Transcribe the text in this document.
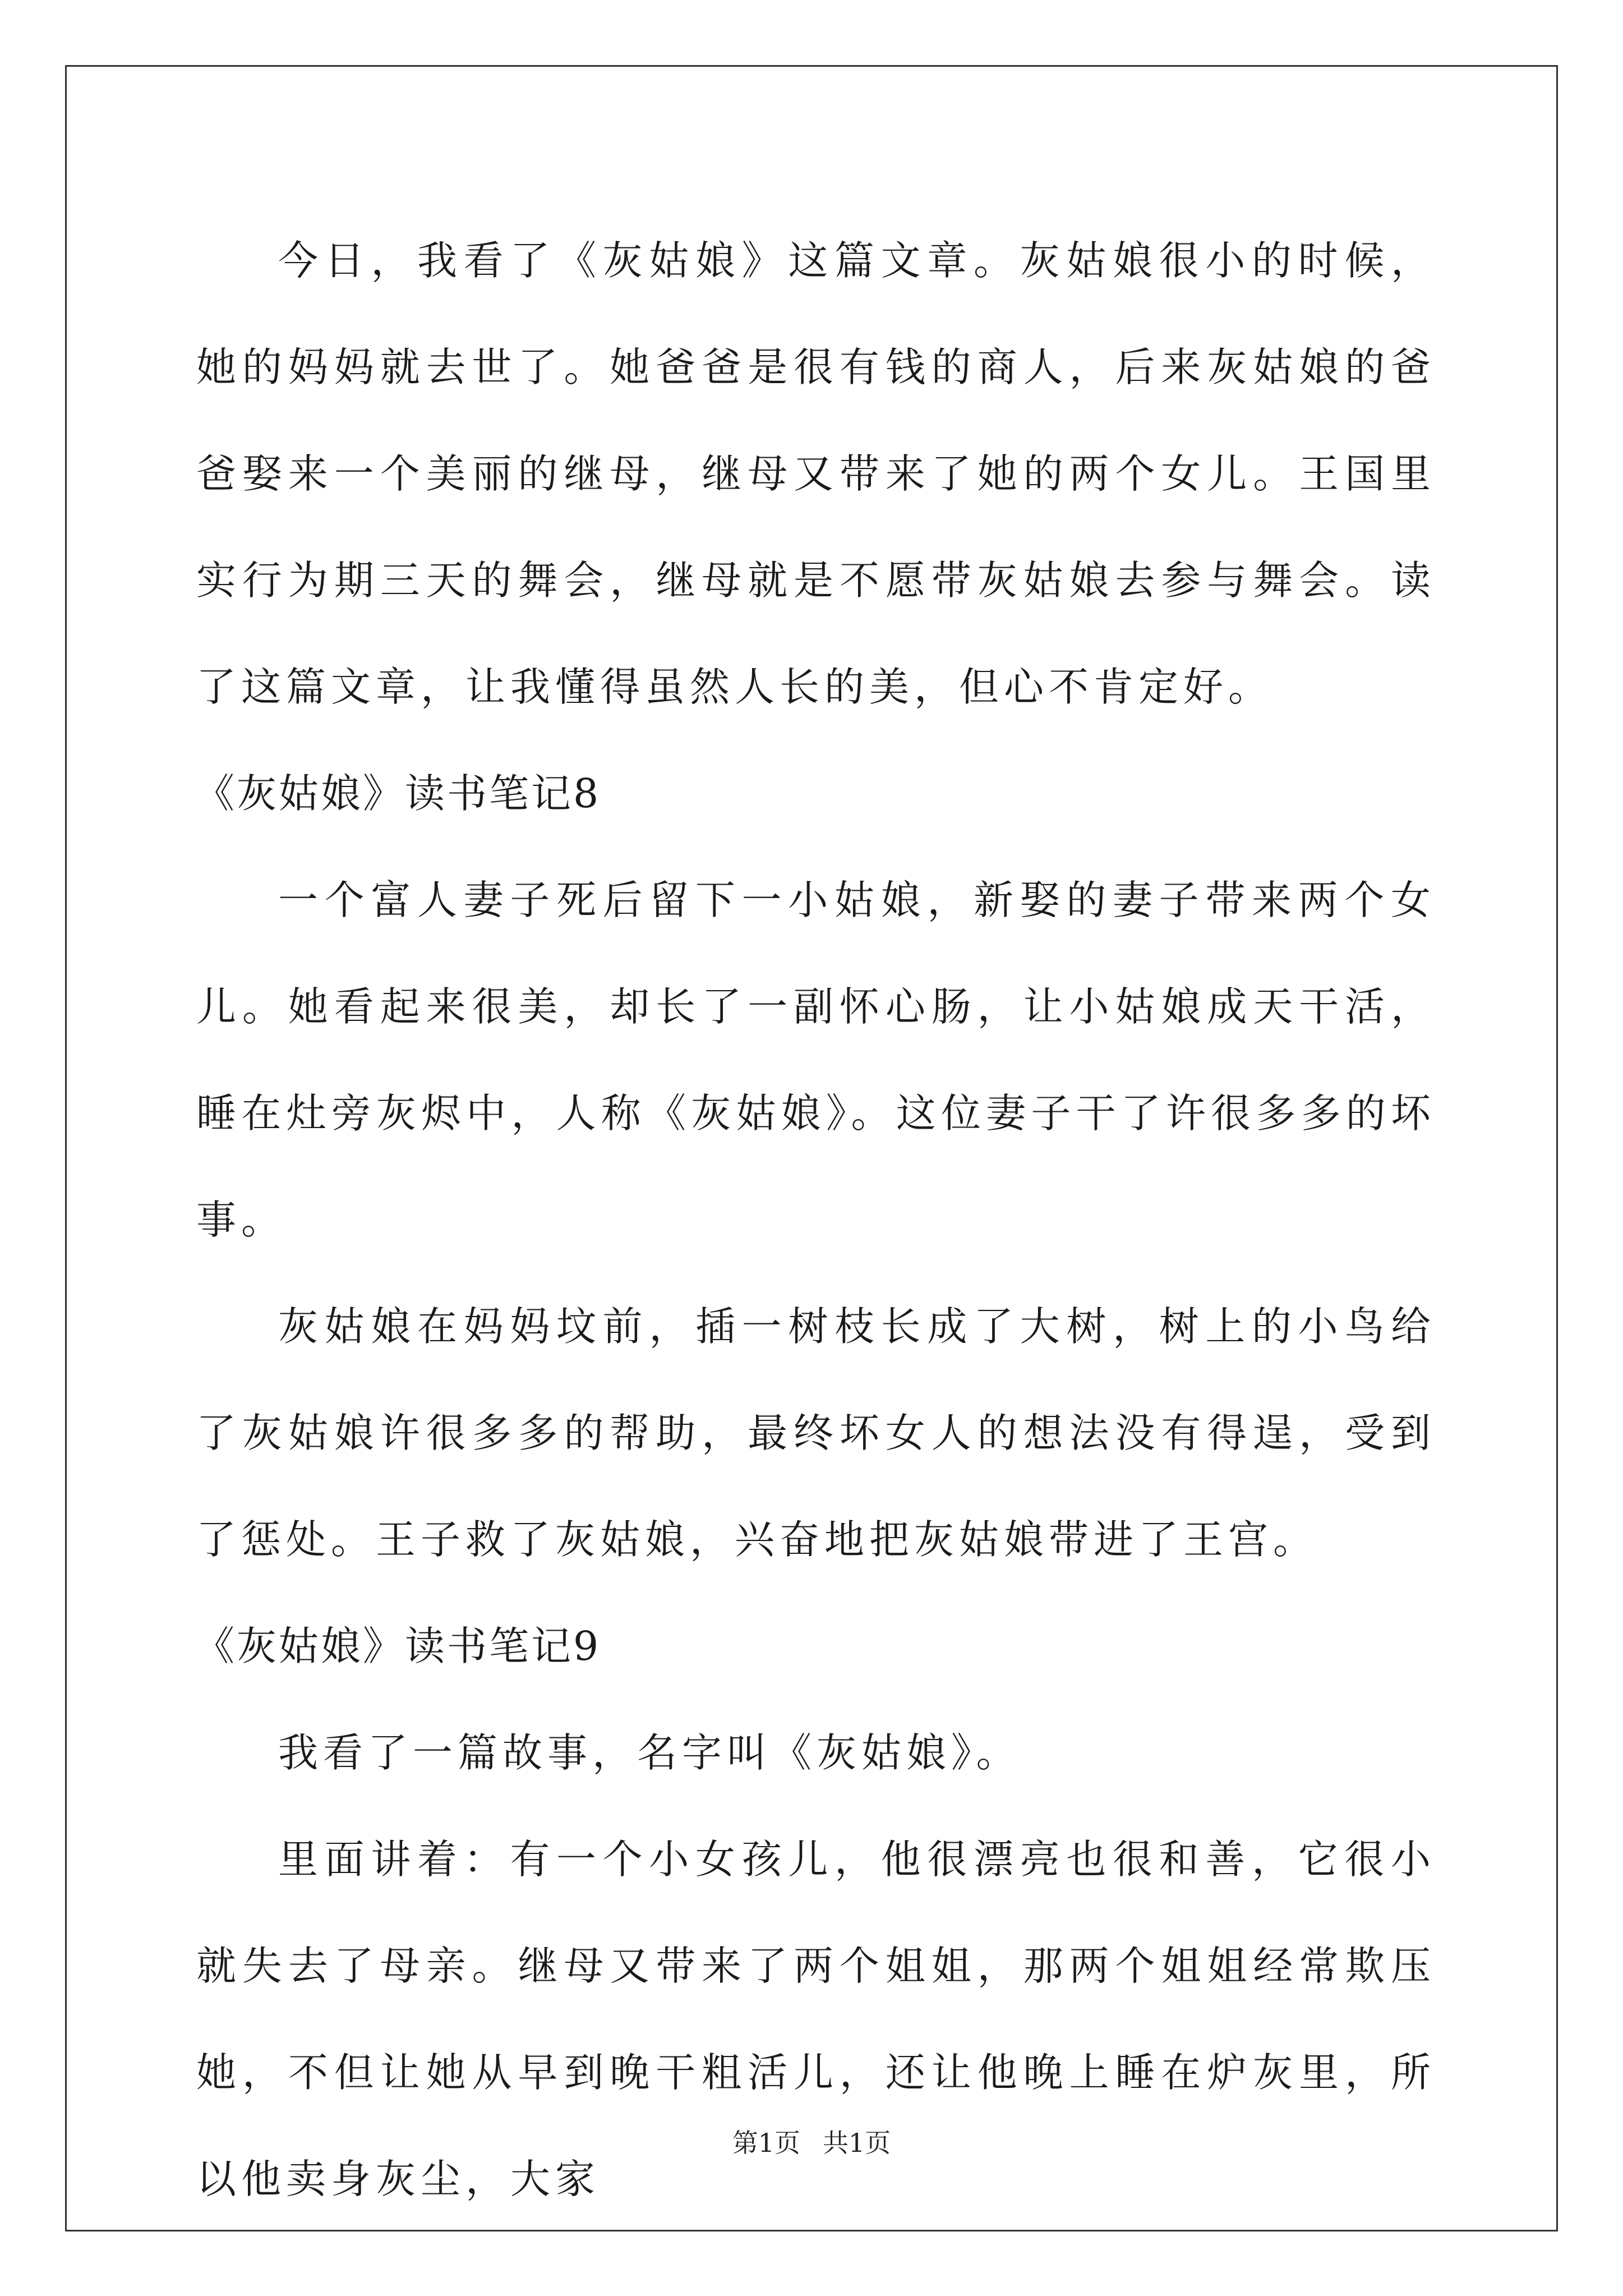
今日，我看了《灰姑娘》这篇文章。灰姑娘很小的时候，她的妈妈就去世了。她爸爸是很有钱的商人，后来灰姑娘的爸爸娶来一个美丽的继母，继母又带来了她的两个女儿。王国里实行为期三天的舞会，继母就是不愿带灰姑娘去参与舞会。读了这篇文章，让我懂得虽然人长的美，但心不肯定好。

《灰姑娘》读书笔记8

一个富人妻子死后留下一小姑娘，新娶的妻子带来两个女儿。她看起来很美，却长了一副怀心肠，让小姑娘成天干活，睡在灶旁灰烬中，人称《灰姑娘》。这位妻子干了许很多多的坏事。

灰姑娘在妈妈坟前，插一树枝长成了大树，树上的小鸟给了灰姑娘许很多多的帮助，最终坏女人的想法没有得逞，受到了惩处。王子救了灰姑娘，兴奋地把灰姑娘带进了王宫。

《灰姑娘》读书笔记9

我看了一篇故事，名字叫《灰姑娘》。

里面讲着：有一个小女孩儿，他很漂亮也很和善，它很小就失去了母亲。继母又带来了两个姐姐，那两个姐姐经常欺压她，不但让她从早到晚干粗活儿，还让他晚上睡在炉灰里，所以他卖身灰尘，大家

第1页 共1页
